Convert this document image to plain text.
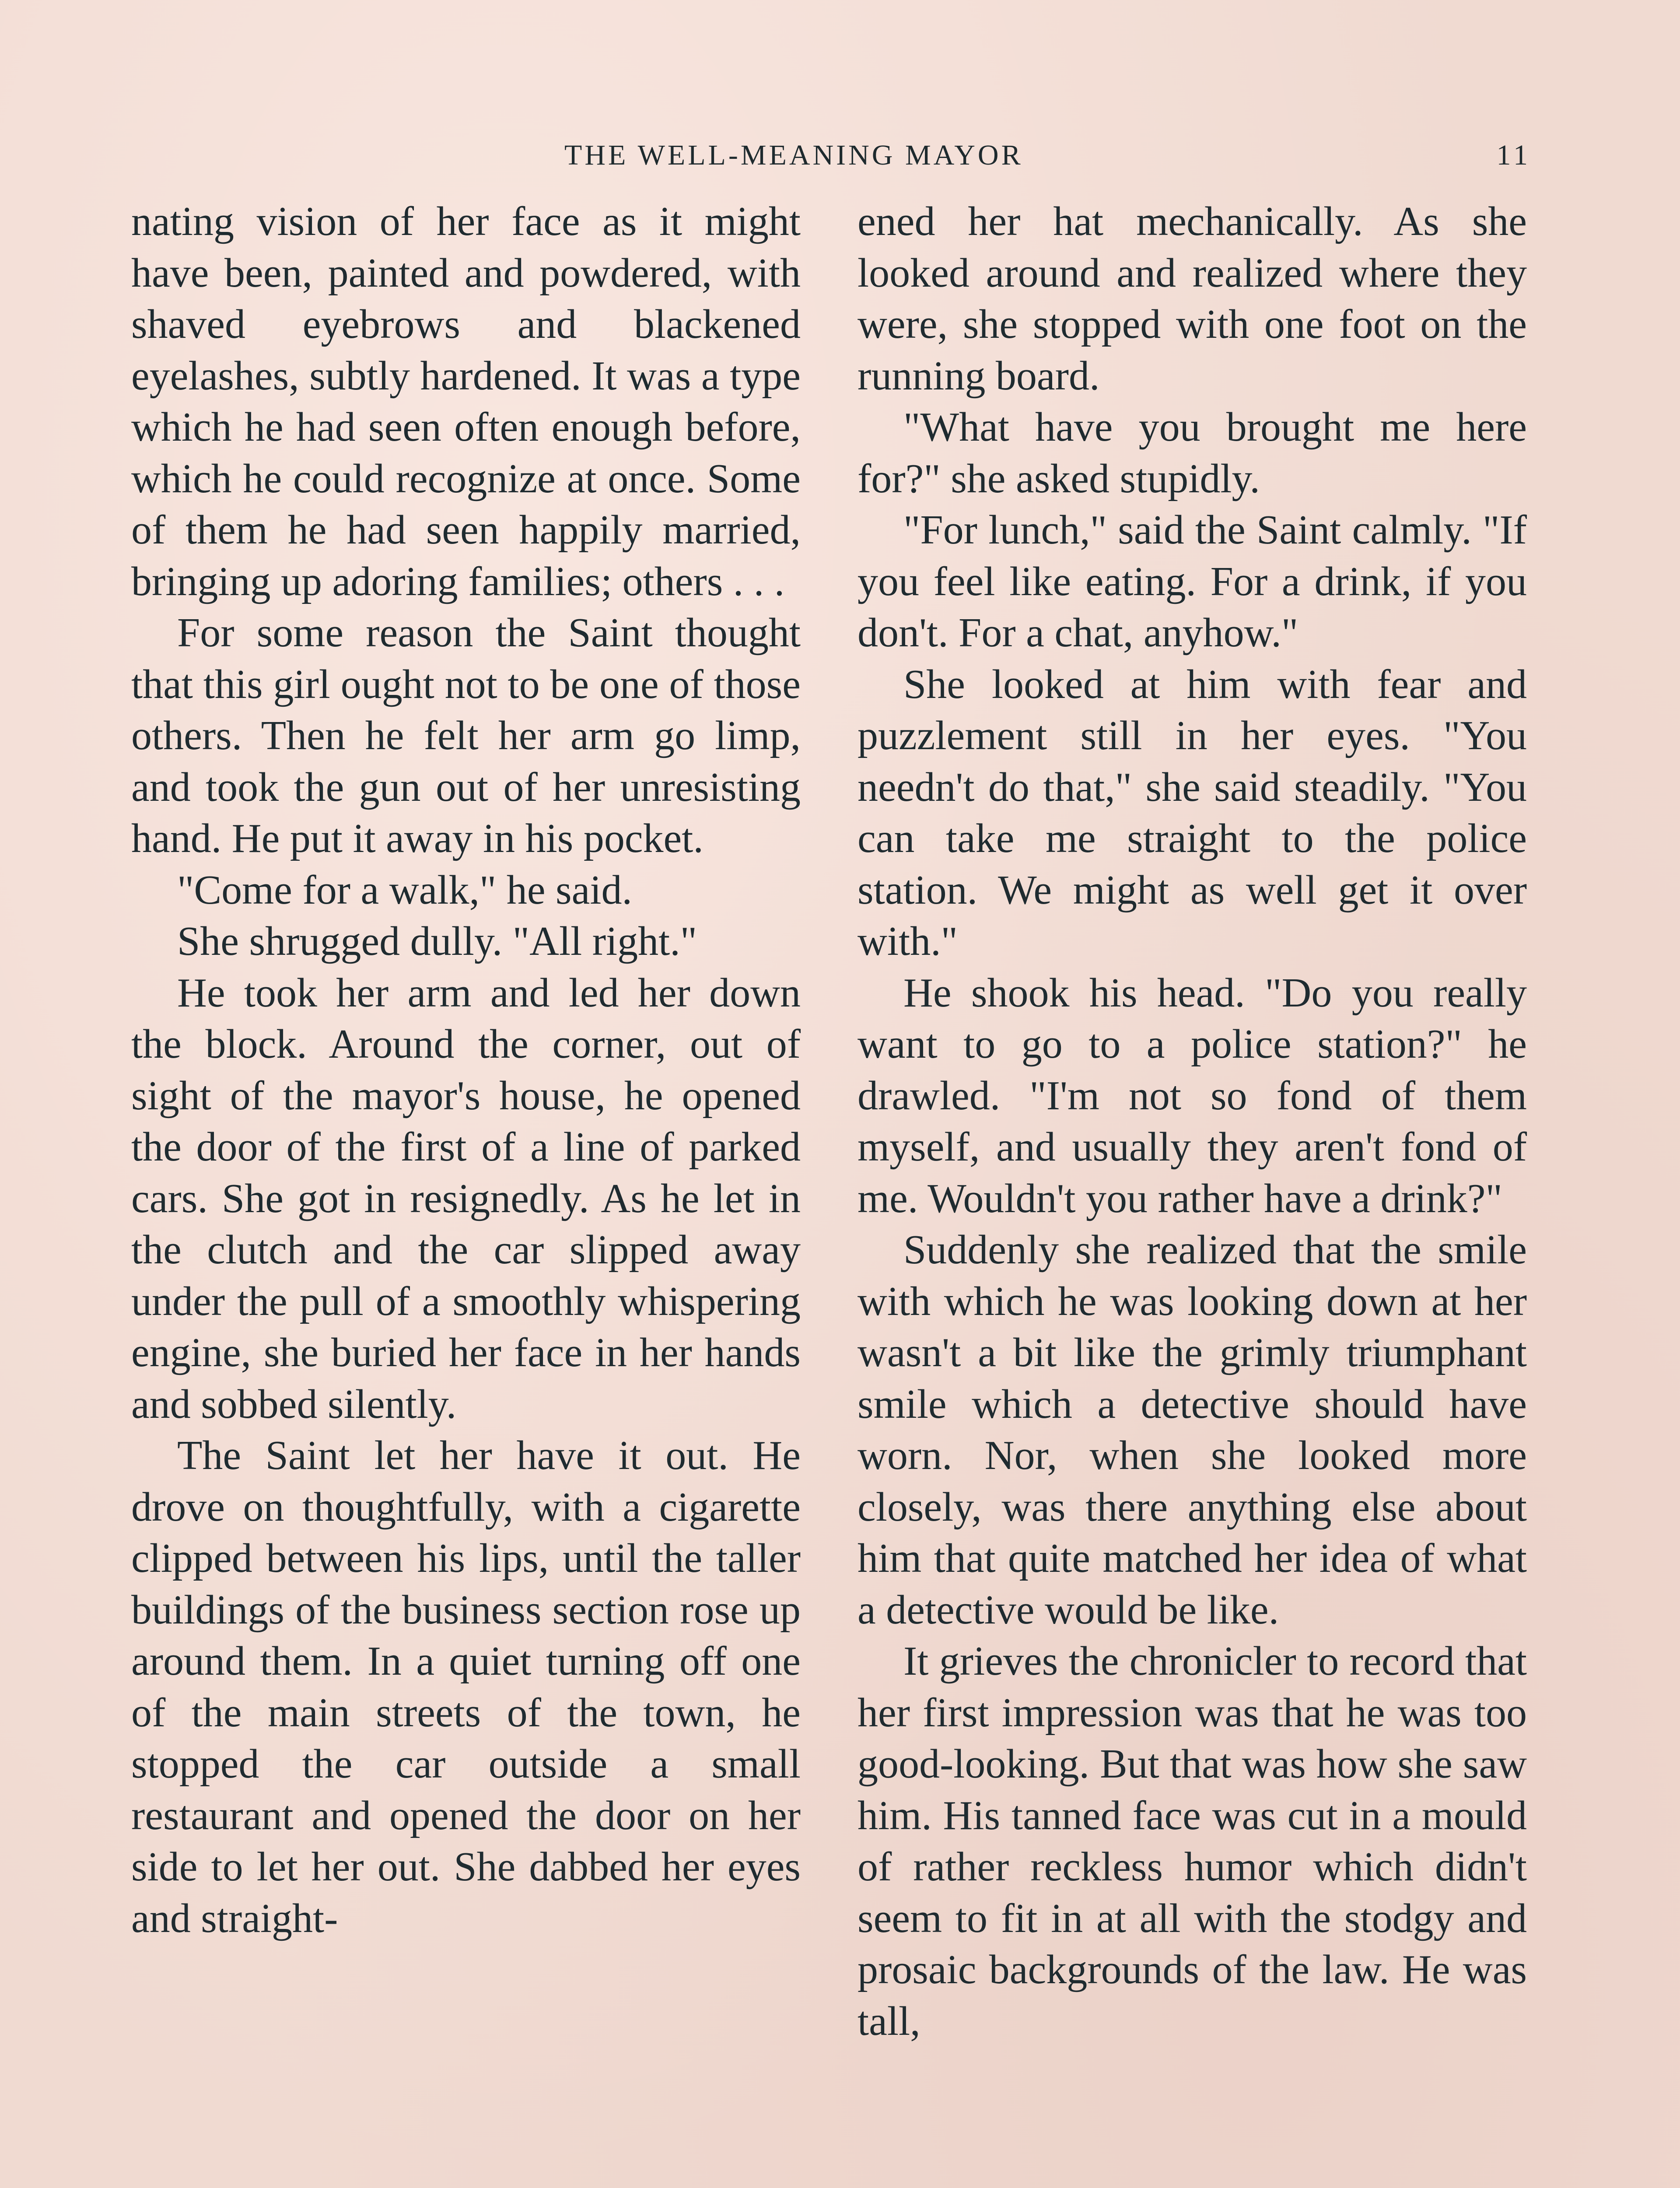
THE WELL-MEANING MAYOR	11

nating vision of her face as it might have been, painted and powdered, with shaved eyebrows and blackened eyelashes, subtly hardened. It was a type which he had seen often enough before, which he could recognize at once. Some of them he had seen happily married, bringing up adoring families; others . . .

For some reason the Saint thought that this girl ought not to be one of those others. Then he felt her arm go limp, and took the gun out of her unresisting hand. He put it away in his pocket.

"Come for a walk," he said.

She shrugged dully. "All right."

He took her arm and led her down the block. Around the corner, out of sight of the mayor's house, he opened the door of the first of a line of parked cars. She got in resignedly. As he let in the clutch and the car slipped away under the pull of a smoothly whispering engine, she buried her face in her hands and sobbed silently.

The Saint let her have it out. He drove on thoughtfully, with a cigarette clipped between his lips, until the taller buildings of the business section rose up around them. In a quiet turning off one of the main streets of the town, he stopped the car outside a small restaurant and opened the door on her side to let her out. She dabbed her eyes and straight-

ened her hat mechanically. As she looked around and realized where they were, she stopped with one foot on the running board.

"What have you brought me here for?" she asked stupidly.

"For lunch," said the Saint calmly. "If you feel like eating. For a drink, if you don't. For a chat, anyhow."

She looked at him with fear and puzzlement still in her eyes. "You needn't do that," she said steadily. "You can take me straight to the police station. We might as well get it over with."

He shook his head. "Do you really want to go to a police station?" he drawled. "I'm not so fond of them myself, and usually they aren't fond of me. Wouldn't you rather have a drink?"

Suddenly she realized that the smile with which he was looking down at her wasn't a bit like the grimly triumphant smile which a detective should have worn. Nor, when she looked more closely, was there anything else about him that quite matched her idea of what a detective would be like.

It grieves the chronicler to record that her first impression was that he was too good-looking. But that was how she saw him. His tanned face was cut in a mould of rather reckless humor which didn't seem to fit in at all with the stodgy and prosaic backgrounds of the law. He was tall,
